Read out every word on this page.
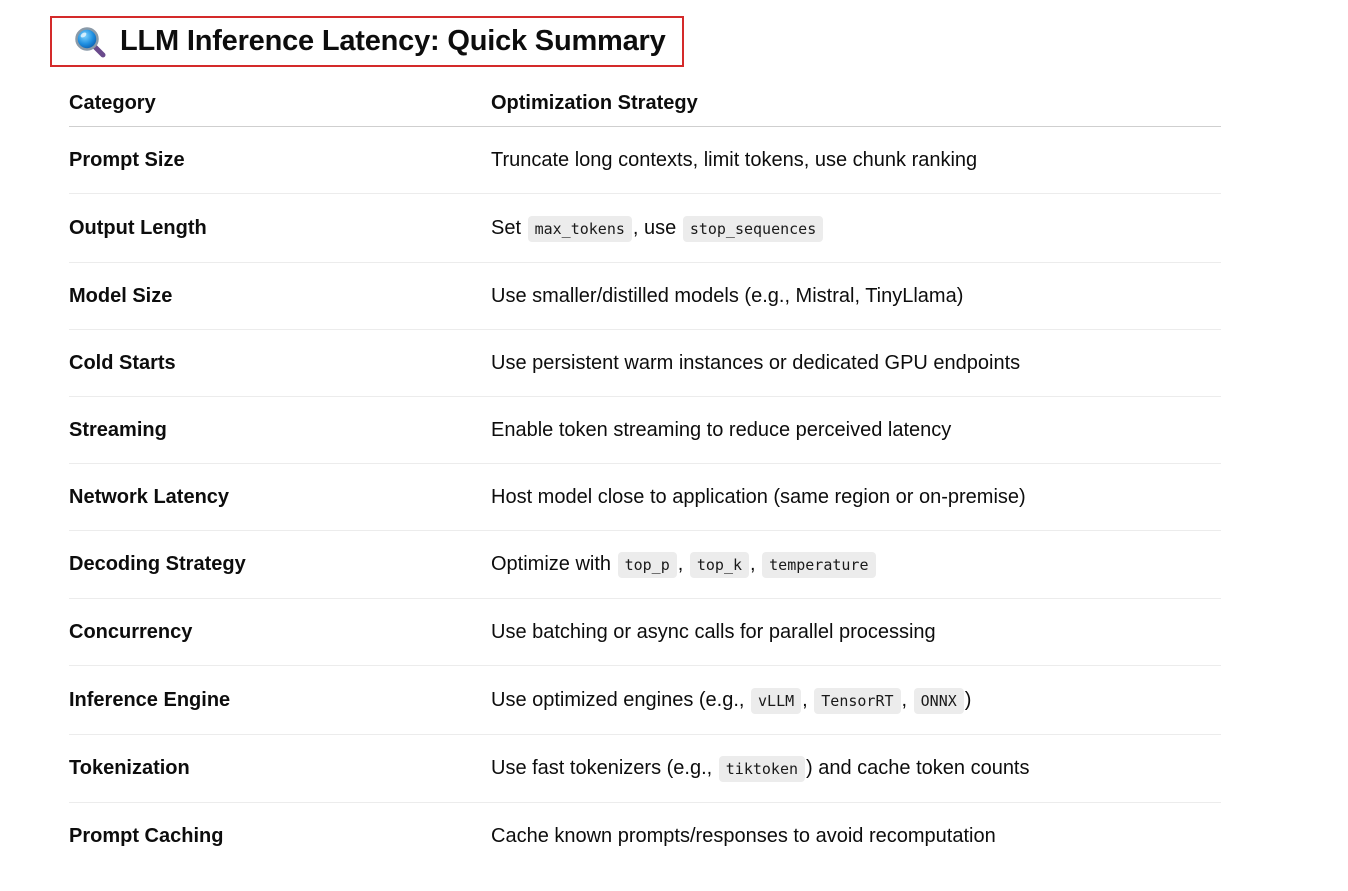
LLM Inference Latency: Quick Summary
Category	Optimization Strategy
Prompt Size	Truncate long contexts, limit tokens, use chunk ranking
Output Length	Set max_tokens , use stop_sequences
Model Size	Use smaller/distilled models (e.g., Mistral, TinyLlama)
Cold Starts	Use persistent warm instances or dedicated GPU endpoints
Streaming	Enable token streaming to reduce perceived latency
Network Latency	Host model close to application (same region or on-premise)
Decoding Strategy	Optimize with top_p , top_k , temperature
Concurrency	Use batching or async calls for parallel processing
Inference Engine	Use optimized engines (e.g., vLLM , TensorRT , ONNX )
Tokenization	Use fast tokenizers (e.g., tiktoken ) and cache token counts
Prompt Caching	Cache known prompts/responses to avoid recomputation
